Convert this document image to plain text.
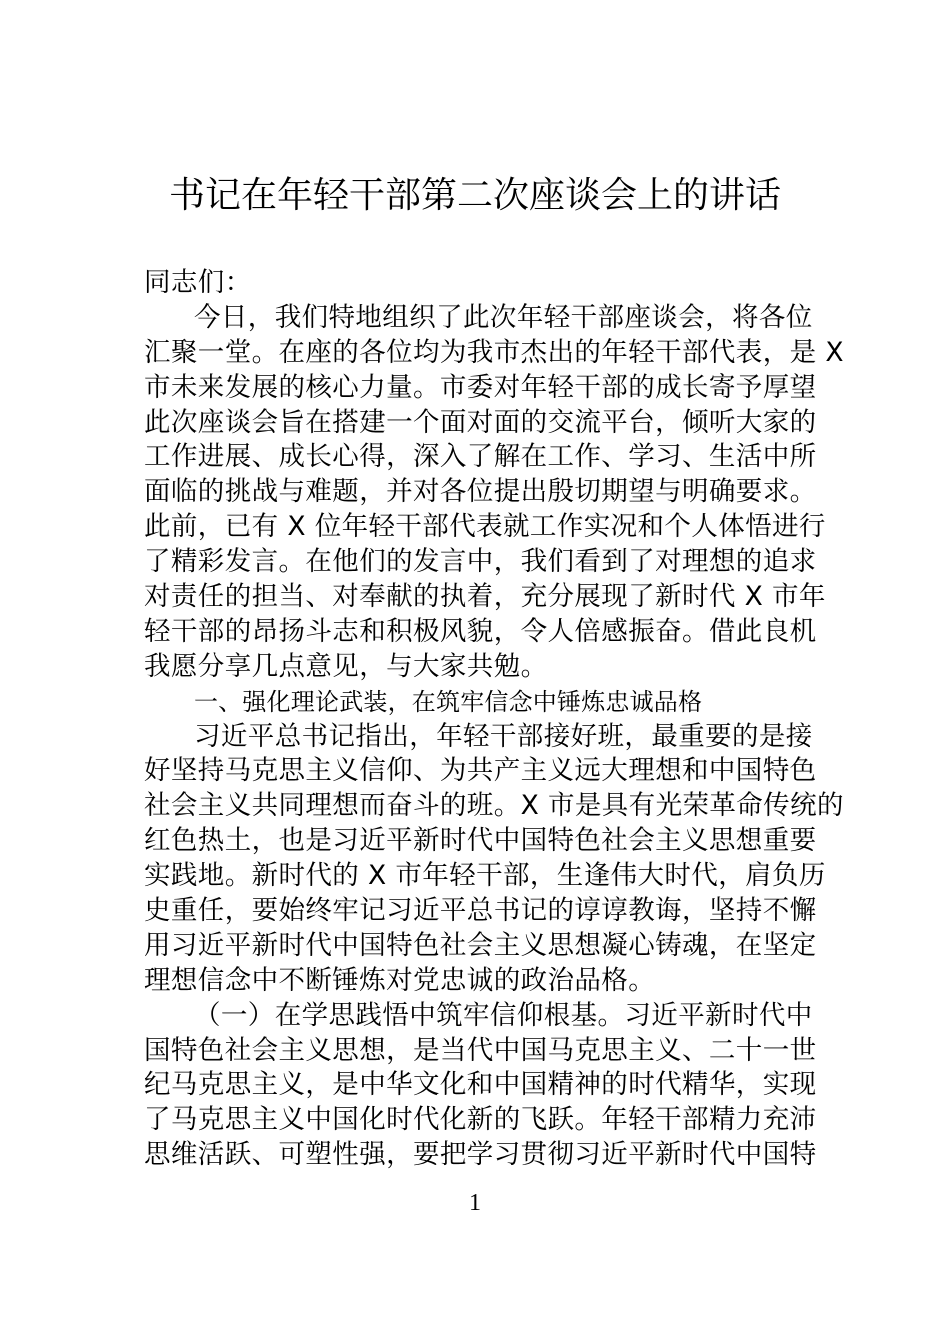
书记在年轻干部第二次座谈会上的讲话
同志们：
今日，我们特地组织了此次年轻干部座谈会，将各位
汇聚一堂。在座的各位均为我市杰出的年轻干部代表，是 X
市未来发展的核心力量。市委对年轻干部的成长寄予厚望
此次座谈会旨在搭建一个面对面的交流平台，倾听大家的
工作进展、成长心得，深入了解在工作、学习、生活中所
面临的挑战与难题，并对各位提出殷切期望与明确要求。
此前，已有 X 位年轻干部代表就工作实况和个人体悟进行
了精彩发言。在他们的发言中，我们看到了对理想的追求
对责任的担当、对奉献的执着，充分展现了新时代 X 市年
轻干部的昂扬斗志和积极风貌，令人倍感振奋。借此良机
我愿分享几点意见，与大家共勉。
一、强化理论武装，在筑牢信念中锤炼忠诚品格
习近平总书记指出，年轻干部接好班，最重要的是接
好坚持马克思主义信仰、为共产主义远大理想和中国特色
社会主义共同理想而奋斗的班。X 市是具有光荣革命传统的
红色热土，也是习近平新时代中国特色社会主义思想重要
实践地。新时代的 X 市年轻干部，生逢伟大时代，肩负历
史重任，要始终牢记习近平总书记的谆谆教诲，坚持不懈
用习近平新时代中国特色社会主义思想凝心铸魂，在坚定
理想信念中不断锤炼对党忠诚的政治品格。
（一）在学思践悟中筑牢信仰根基。习近平新时代中
国特色社会主义思想，是当代中国马克思主义、二十一世
纪马克思主义，是中华文化和中国精神的时代精华，实现
了马克思主义中国化时代化新的飞跃。年轻干部精力充沛
思维活跃、可塑性强，要把学习贯彻习近平新时代中国特
1
